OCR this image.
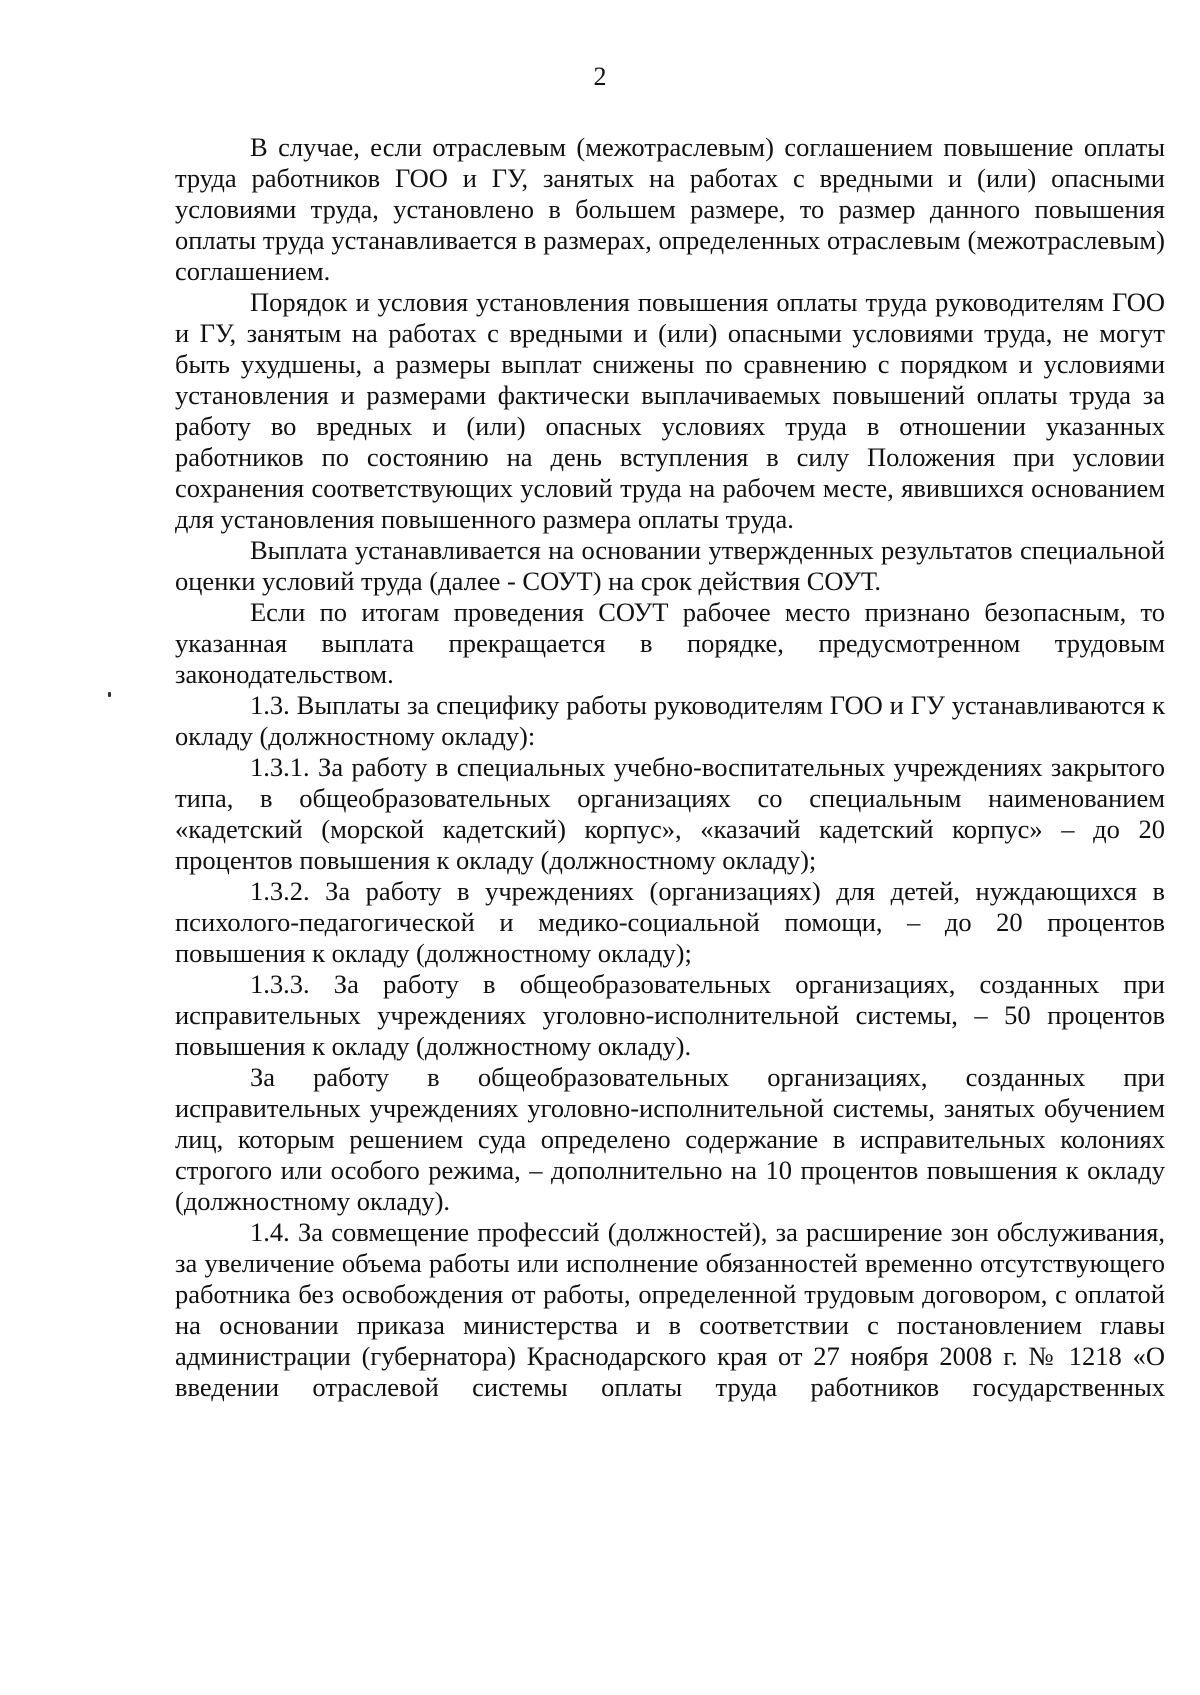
2

В случае, если отраслевым (межотраслевым) соглашением повышение оплаты труда работников ГОО и ГУ, занятых на работах с вредными и (или) опасными условиями труда, установлено в большем размере, то размер данного повышения оплаты труда устанавливается в размерах, определенных отраслевым (межотраслевым) соглашением.

Порядок и условия установления повышения оплаты труда руководителям ГОО и ГУ, занятым на работах с вредными и (или) опасными условиями труда, не могут быть ухудшены, а размеры выплат снижены по сравнению с порядком и условиями установления и размерами фактически выплачиваемых повышений оплаты труда за работу во вредных и (или) опасных условиях труда в отношении указанных работников по состоянию на день вступления в силу Положения при условии сохранения соответствующих условий труда на рабочем месте, явившихся основанием для установления повышенного размера оплаты труда.

Выплата устанавливается на основании утвержденных результатов специальной оценки условий труда (далее - СОУТ) на срок действия СОУТ.

Если по итогам проведения СОУТ рабочее место признано безопасным, то указанная выплата прекращается в порядке, предусмотренном трудовым законодательством.

1.3. Выплаты за специфику работы руководителям ГОО и ГУ устанавливаются к окладу (должностному окладу):

1.3.1. За работу в специальных учебно-воспитательных учреждениях закрытого типа, в общеобразовательных организациях со специальным наименованием «кадетский (морской кадетский) корпус», «казачий кадетский корпус» – до 20 процентов повышения к окладу (должностному окладу);

1.3.2. За работу в учреждениях (организациях) для детей, нуждающихся в психолого-педагогической и медико-социальной помощи, – до 20 процентов повышения к окладу (должностному окладу);

1.3.3. За работу в общеобразовательных организациях, созданных при исправительных учреждениях уголовно-исполнительной системы, – 50 процентов повышения к окладу (должностному окладу).

За работу в общеобразовательных организациях, созданных при исправительных учреждениях уголовно-исполнительной системы, занятых обучением лиц, которым решением суда определено содержание в исправительных колониях строгого или особого режима, – дополнительно на 10 процентов повышения к окладу (должностному окладу).

1.4. За совмещение профессий (должностей), за расширение зон обслуживания, за увеличение объема работы или исполнение обязанностей временно отсутствующего работника без освобождения от работы, определенной трудовым договором, с оплатой на основании приказа министерства и в соответствии с постановлением главы администрации (губернатора) Краснодарского края от 27 ноября 2008 г. № 1218 «О введении отраслевой системы оплаты труда работников государственных
